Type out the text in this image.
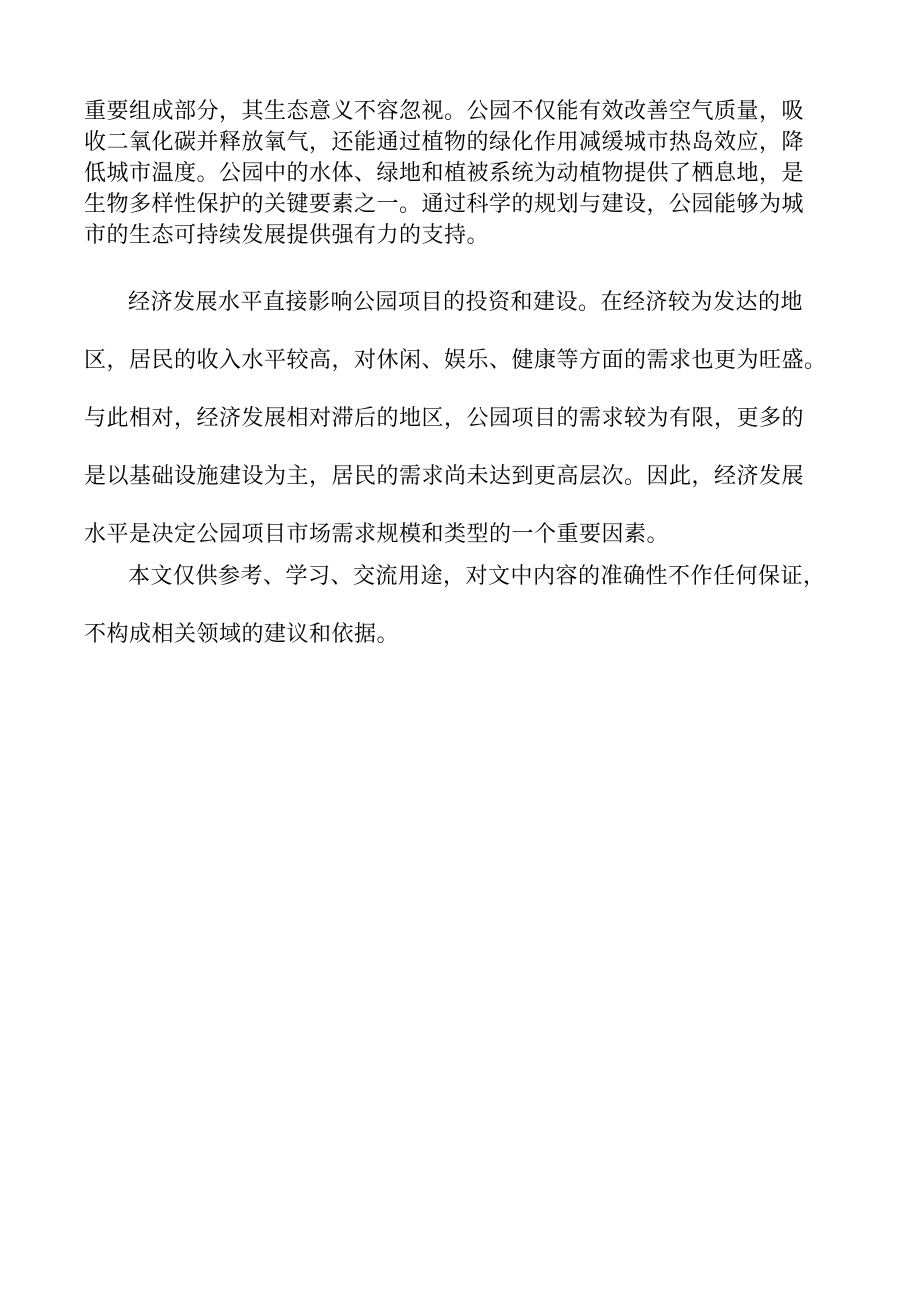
重要组成部分，其生态意义不容忽视。公园不仅能有效改善空气质量，吸
收二氧化碳并释放氧气，还能通过植物的绿化作用减缓城市热岛效应，降
低城市温度。公园中的水体、绿地和植被系统为动植物提供了栖息地，是
生物多样性保护的关键要素之一。通过科学的规划与建设，公园能够为城
市的生态可持续发展提供强有力的支持。

经济发展水平直接影响公园项目的投资和建设。在经济较为发达的地
区，居民的收入水平较高，对休闲、娱乐、健康等方面的需求也更为旺盛。
与此相对，经济发展相对滞后的地区，公园项目的需求较为有限，更多的
是以基础设施建设为主，居民的需求尚未达到更高层次。因此，经济发展
水平是决定公园项目市场需求规模和类型的一个重要因素。

本文仅供参考、学习、交流用途，对文中内容的准确性不作任何保证，
不构成相关领域的建议和依据。
